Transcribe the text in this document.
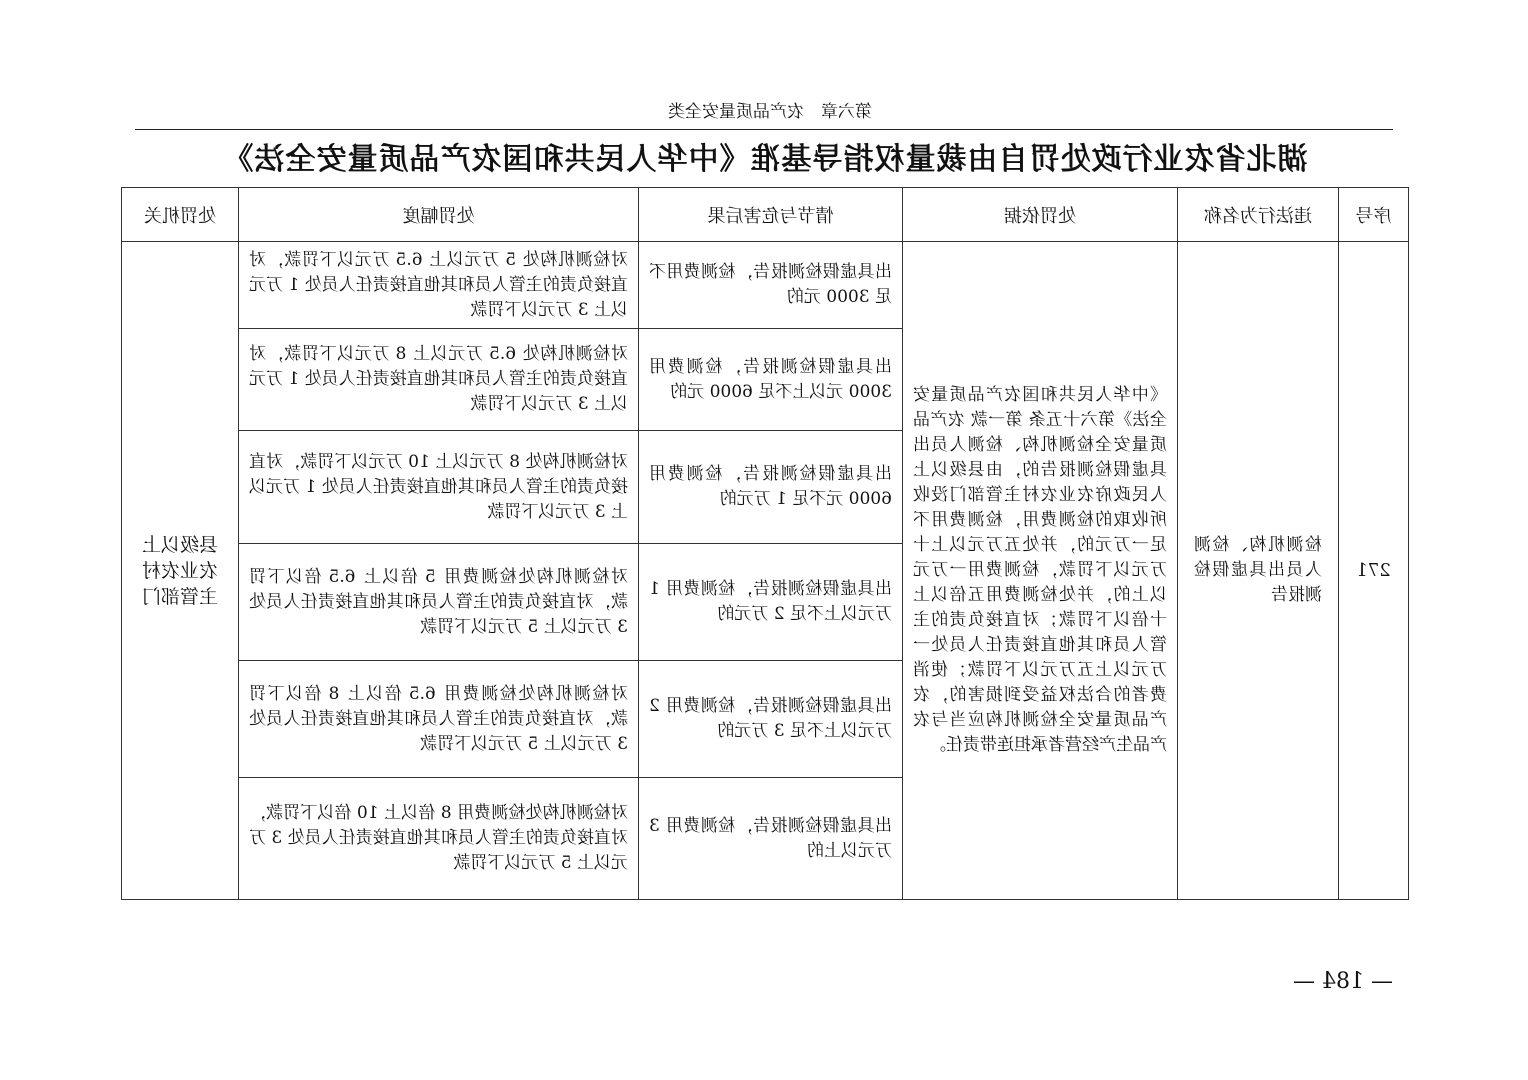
第六章　农产品质量安全类
湖北省农业行政处罚自由裁量权指导基准《中华人民共和国农产品质量安全法》
处罚机关	处罚幅度	情节与危害后果	处罚依据	违法行为名称	序号

县级以上农业农村主管部门	对检测机构处 5 万元以上 6.5 万元以下罚款，对直接负责的主管人员和其他直接责任人员处 1 万元以上 3 万元以下罚款	出具虚假检测报告，检测费用不足 3000 元的	《中华人民共和国农产品质量安全法》第六十五条 第一款 农产品质量安全检测机构、检测人员出具虚假检测报告的，由县级以上人民政府农业农村主管部门没收所收取的检测费用，检测费用不足一万元的，并处五万元以上十万元以下罚款，检测费用一万元以上的，并处检测费用五倍以上十倍以下罚款；对直接负责的主管人员和其他直接责任人员处一万元以上五万元以下罚款；使消费者的合法权益受到损害的，农产品质量安全检测机构应当与农产品生产经营者承担连带责任。	检测机构、检测人员出具虚假检测报告	271

	对检测机构处 6.5 万元以上 8 万元以下罚款，对直接负责的主管人员和其他直接责任人员处 1 万元以上 3 万元以下罚款	出具虚假检测报告，检测费用 3000 元以上不足 6000 元的			

	对检测机构处 8 万元以上 10 万元以下罚款，对直接负责的主管人员和其他直接责任人员处 1 万元以上 3 万元以下罚款	出具虚假检测报告，检测费用 6000 元不足 1 万元的			

	对检测机构处检测费用 5 倍以上 6.5 倍以下罚款，对直接负责的主管人员和其他直接责任人员处 3 万元以上 5 万元以下罚款	出具虚假检测报告，检测费用 1 万元以上不足 2 万元的			

	对检测机构处检测费用 6.5 倍以上 8 倍以下罚款，对直接负责的主管人员和其他直接责任人员处 3 万元以上 5 万元以下罚款	出具虚假检测报告，检测费用 2 万元以上不足 3 万元的			

	对检测机构处检测费用 8 倍以上 10 倍以下罚款，对直接负责的主管人员和其他直接责任人员处 3 万元以上 5 万元以下罚款	出具虚假检测报告，检测费用 3 万元以上的			
— 184 —
